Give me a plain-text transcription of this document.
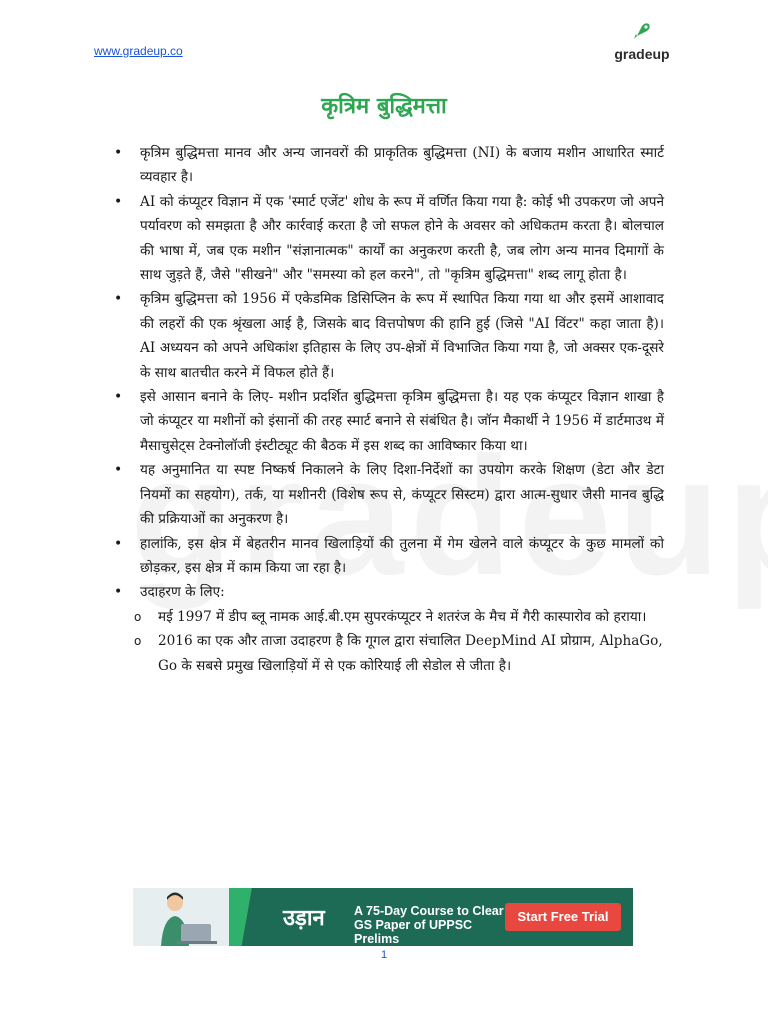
www.gradeup.co	gradeup
कृत्रिम बुद्धिमत्ता
• कृत्रिम बुद्धिमत्ता मानव और अन्य जानवरों की प्राकृतिक बुद्धिमत्ता (NI) के बजाय मशीन आधारित स्मार्ट व्यवहार है।
• AI को कंप्यूटर विज्ञान में एक 'स्मार्ट एजेंट' शोध के रूप में वर्णित किया गया है: कोई भी उपकरण जो अपने पर्यावरण को समझता है और कार्रवाई करता है जो सफल होने के अवसर को अधिकतम करता है। बोलचाल की भाषा में, जब एक मशीन "संज्ञानात्मक" कार्यों का अनुकरण करती है, जब लोग अन्य मानव दिमागों के साथ जुड़ते हैं, जैसे "सीखने" और "समस्या को हल करने", तो "कृत्रिम बुद्धिमत्ता" शब्द लागू होता है।
• कृत्रिम बुद्धिमत्ता को 1956 में एकेडमिक डिसिप्लिन के रूप में स्थापित किया गया था और इसमें आशावाद की लहरों की एक श्रृंखला आई है, जिसके बाद वित्तपोषण की हानि हुई (जिसे "AI विंटर" कहा जाता है)। AI अध्ययन को अपने अधिकांश इतिहास के लिए उप-क्षेत्रों में विभाजित किया गया है, जो अक्सर एक-दूसरे के साथ बातचीत करने में विफल होते हैं।
• इसे आसान बनाने के लिए- मशीन प्रदर्शित बुद्धिमत्ता कृत्रिम बुद्धिमत्ता है। यह एक कंप्यूटर विज्ञान शाखा है जो कंप्यूटर या मशीनों को इंसानों की तरह स्मार्ट बनाने से संबंधित है। जॉन मैकार्थी ने 1956 में डार्टमाउथ में मैसाचुसेट्स टेक्नोलॉजी इंस्टीट्यूट की बैठक में इस शब्द का आविष्कार किया था।
• यह अनुमानित या स्पष्ट निष्कर्ष निकालने के लिए दिशा-निर्देशों का उपयोग करके शिक्षण (डेटा और डेटा नियमों का सहयोग), तर्क, या मशीनरी (विशेष रूप से, कंप्यूटर सिस्टम) द्वारा आत्म-सुधार जैसी मानव बुद्धि की प्रक्रियाओं का अनुकरण है।
• हालांकि, इस क्षेत्र में बेहतरीन मानव खिलाड़ियों की तुलना में गेम खेलने वाले कंप्यूटर के कुछ मामलों को छोड़कर, इस क्षेत्र में काम किया जा रहा है।
• उदाहरण के लिए:
o मई 1997 में डीप ब्लू नामक आई.बी.एम सुपरकंप्यूटर ने शतरंज के मैच में गैरी कास्पारोव को हराया।
o 2016 का एक और ताजा उदाहरण है कि गूगल द्वारा संचालित DeepMind AI प्रोग्राम, AlphaGo, Go के सबसे प्रमुख खिलाड़ियों में से एक कोरियाई ली सेडोल से जीता है।
उड़ान A 75-Day Course to Clear GS Paper of UPPSC Prelims
Start Free Trial
1
